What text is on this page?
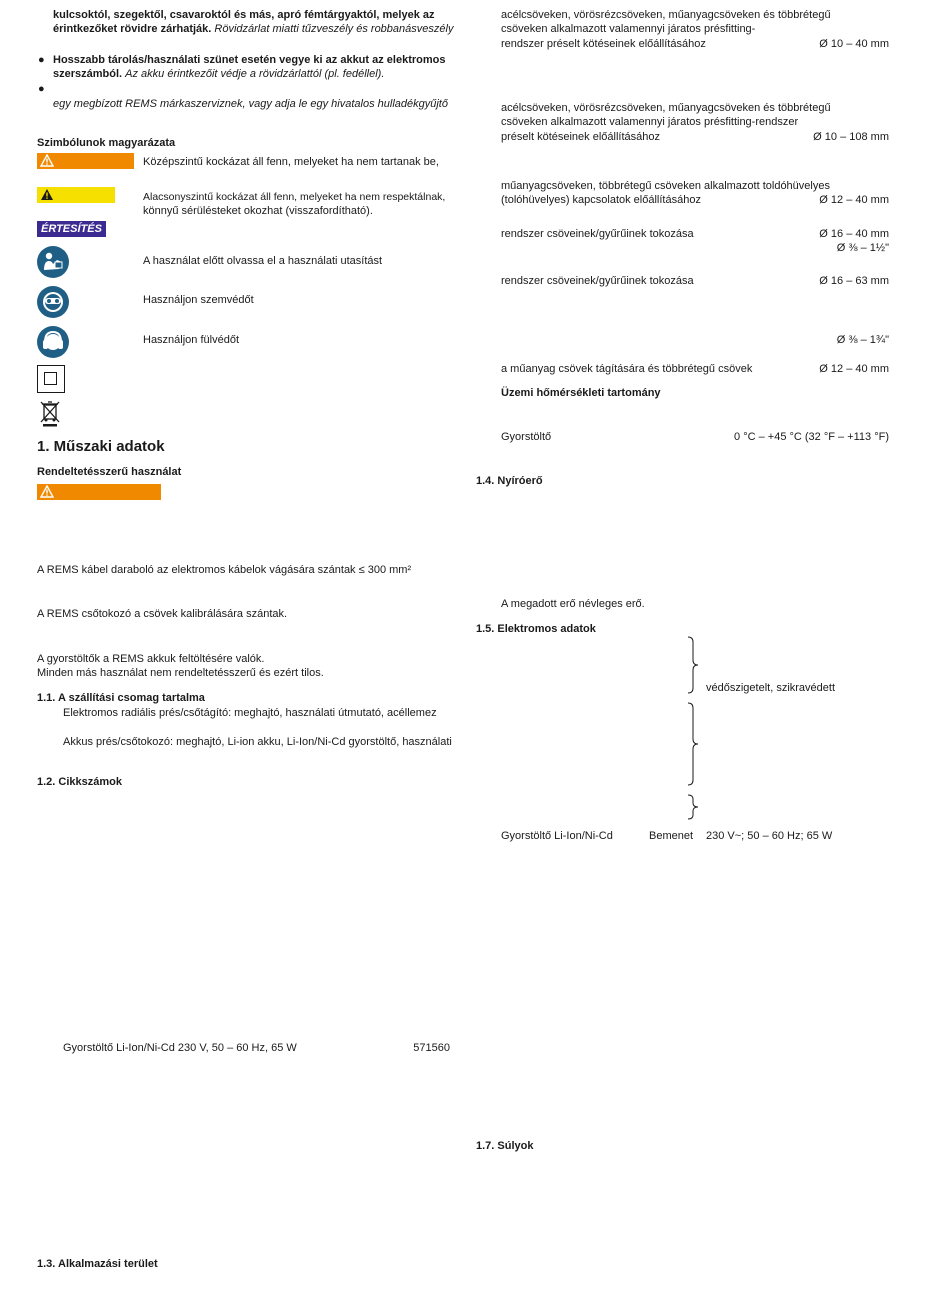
kulcsoktól, szegektől, csavaroktól és más, apró fémtárgyaktól, melyek az
érintkezőket rövidre zárhatják. Rövidzárlat miatti tűzveszély és robbanásveszély
● Hosszabb tárolás/használati szünet esetén vegye ki az akkut az elektromos
szerszámból. Az akku érintkezőit védje a rövidzárlattól (pl. fedéllel).
●
egy megbízott REMS márkaszerviznek, vagy adja le egy hivatalos hulladékgyűjtő
Szimbólunok magyarázata
Középszintű kockázat áll fenn, melyeket ha nem tartanak be,
Alacsonyszintű kockázat áll fenn, melyeket ha nem respektálnak,
könnyű sérülésteket okozhat (visszafordítható).
ÉRTESÍTÉS
A használat előtt olvassa el a használati utasítást
Használjon szemvédőt
Használjon fülvédőt
1. Műszaki adatok
Rendeltetésszerű használat
A REMS kábel daraboló az elektromos kábelok vágására szántak ≤ 300 mm²
A REMS csőtokozó a csövek kalibrálására szántak.
A gyorstöltők a REMS akkuk feltöltésére valók.
Minden más használat nem rendeltetésszerű és ezért tilos.
1.1. A szállítási csomag tartalma
Elektromos radiális prés/csőtágító: meghajtó, használati útmutató, acéllemez
Akkus prés/csőtokozó: meghajtó, Li-ion akku, Li-Ion/Ni-Cd gyorstöltő, használati
1.2. Cikkszámok
Gyorstöltő Li-Ion/Ni-Cd 230 V, 50 – 60 Hz, 65 W	571560
1.3. Alkalmazási terület
acélcsöveken, vörösrézcsöveken, műanyagcsöveken és többrétegű
csöveken alkalmazott valamennyi járatos présfitting-
rendszer préselt kötéseinek előállításához	Ø 10 – 40 mm
acélcsöveken, vörösrézcsöveken, műanyagcsöveken és többrétegű
csöveken alkalmazott valamennyi járatos présfitting-rendszer
préselt kötéseinek előállításához	Ø 10 – 108 mm
műanyagcsöveken, többrétegű csöveken alkalmazott toldóhüvelyes
(tolóhüvelyes) kapcsolatok előállításához	Ø 12 – 40 mm
rendszer csöveinek/gyűrűinek tokozása	Ø 16 – 40 mm
Ø ⅜ – 1½"
rendszer csöveinek/gyűrűinek tokozása	Ø 16 – 63 mm
Ø ⅜ – 1¾"
a műanyag csövek tágítására és többrétegű csövek	Ø 12 – 40 mm
Üzemi hőmérsékleti tartomány
Gyorstöltő	0 °C – +45 °C (32 °F – +113 °F)
1.4. Nyíróerő
A megadott erő névleges erő.
1.5. Elektromos adatok
védőszigetelt, szikravédett
Gyorstöltő Li-Ion/Ni-Cd	Bemenet 230 V~; 50 – 60 Hz; 65 W
1.7. Súlyok
